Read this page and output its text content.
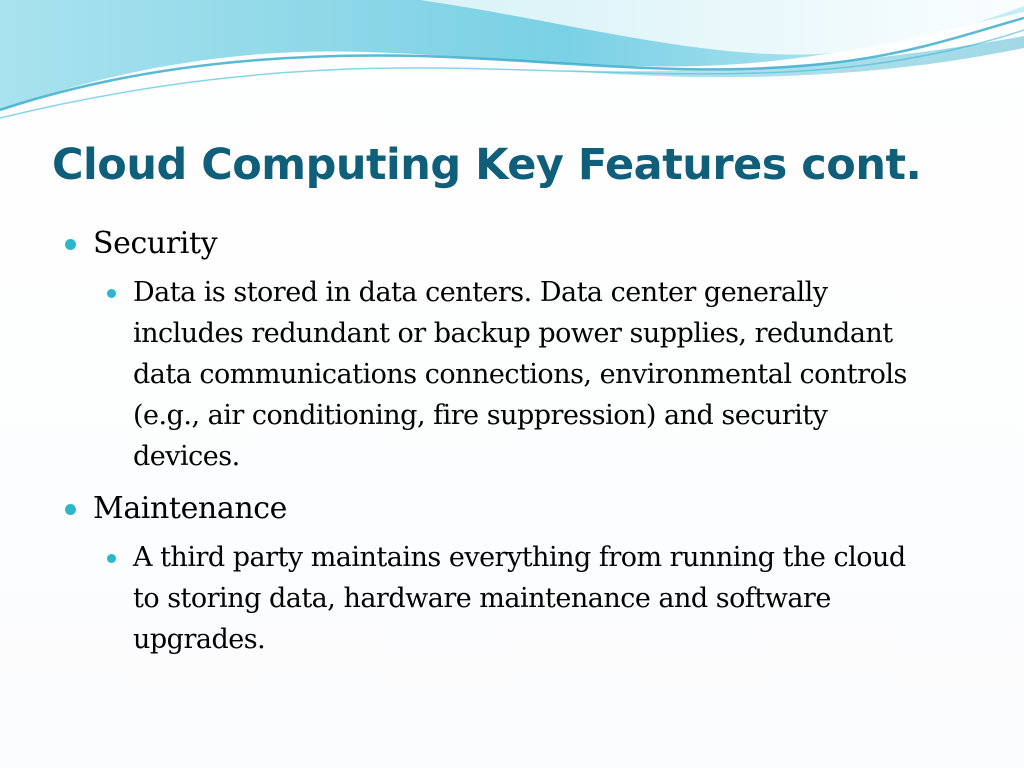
Cloud Computing Key Features cont.
Security
Data is stored in data centers. Data center generally includes redundant or backup power supplies, redundant data communications connections, environmental controls (e.g., air conditioning, fire suppression) and security devices.
Maintenance
A third party maintains everything from running the cloud to storing data, hardware maintenance and software upgrades.
